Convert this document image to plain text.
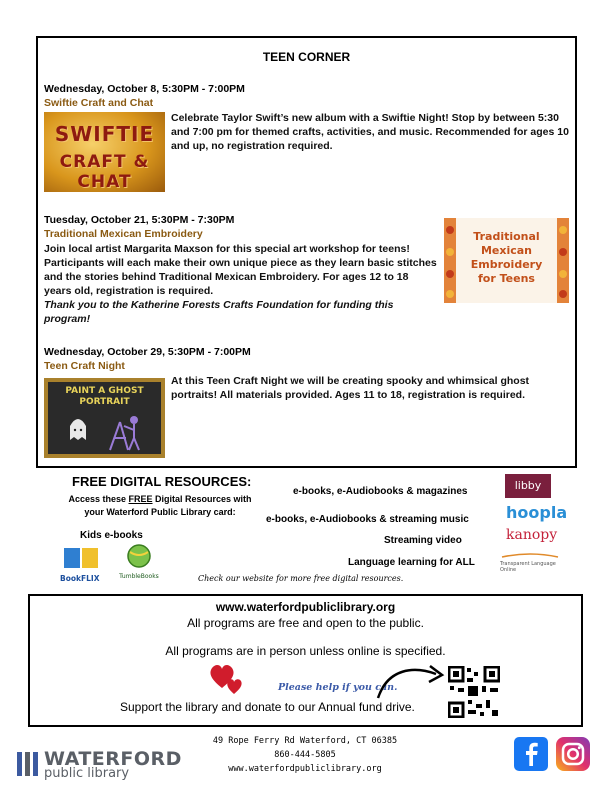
TEEN CORNER
Wednesday, October 8, 5:30PM - 7:00PM
Swiftie Craft and Chat
SWIFTIE
CRAFT & CHAT
Celebrate Taylor Swift’s new album with a Swiftie Night! Stop by between 5:30 and 7:00 pm for themed crafts, activities, and music. Recommended for ages 10 and up, no registration required.
Tuesday, October 21, 5:30PM - 7:30PM
Traditional Mexican Embroidery
Join local artist Margarita Maxson for this special art workshop for teens! Participants will each make their own unique piece as they learn basic stitches and the stories behind Traditional Mexican Embroidery. For ages 12 to 18 years old, registration is required.
Thank you to the Katherine Forests Crafts Foundation for funding this program!
Traditional
Mexican
Embroidery
for Teens
Wednesday, October 29, 5:30PM - 7:00PM
Teen Craft Night
PAINT A GHOST
PORTRAIT
At this Teen Craft Night we will be creating spooky and whimsical ghost portraits! All materials provided. Ages 11 to 18, registration is required.
FREE DIGITAL RESOURCES:
Access these FREE Digital Resources with
your Waterford Public Library card:
Kids e-books
BookFLIX	TumbleBooks
e-books, e-Audiobooks & magazines
e-books, e-Audiobooks & streaming music
Streaming video
Language learning for ALL
Check our website for more free digital resources.
libby
hoopla
kanopy
Transparent Language Online
www.waterfordpubliclibrary.org
All programs are free and open to the public.
All programs are in person unless online is specified.
Please help if you can.
Support the library and donate to our Annual fund drive.
WATERFORD
public library
49 Rope Ferry Rd Waterford, CT 06385
860-444-5805
www.waterfordpubliclibrary.org
